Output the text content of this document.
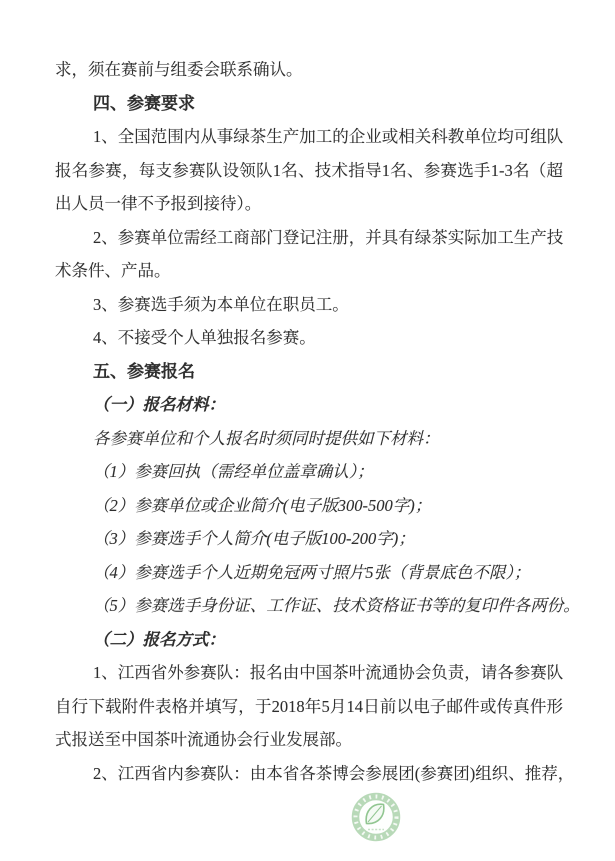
求，须在赛前与组委会联系确认。
四、参赛要求
1、全国范围内从事绿茶生产加工的企业或相关科教单位均可组队
报名参赛，每支参赛队设领队1名、技术指导1名、参赛选手1-3名（超
出人员一律不予报到接待）。
2、参赛单位需经工商部门登记注册，并具有绿茶实际加工生产技
术条件、产品。
3、参赛选手须为本单位在职员工。
4、不接受个人单独报名参赛。
五、参赛报名
（一）报名材料：
各参赛单位和个人报名时须同时提供如下材料：
（1）参赛回执（需经单位盖章确认）；
（2）参赛单位或企业简介(电子版300-500字)；
（3）参赛选手个人简介(电子版100-200字)；
（4）参赛选手个人近期免冠两寸照片5张（背景底色不限）；
（5）参赛选手身份证、工作证、技术资格证书等的复印件各两份。
（二）报名方式：
1、江西省外参赛队：报名由中国茶叶流通协会负责，请各参赛队
自行下载附件表格并填写，于2018年5月14日前以电子邮件或传真件形
式报送至中国茶叶流通协会行业发展部。
2、江西省内参赛队：由本省各茶博会参展团(参赛团)组织、推荐，
